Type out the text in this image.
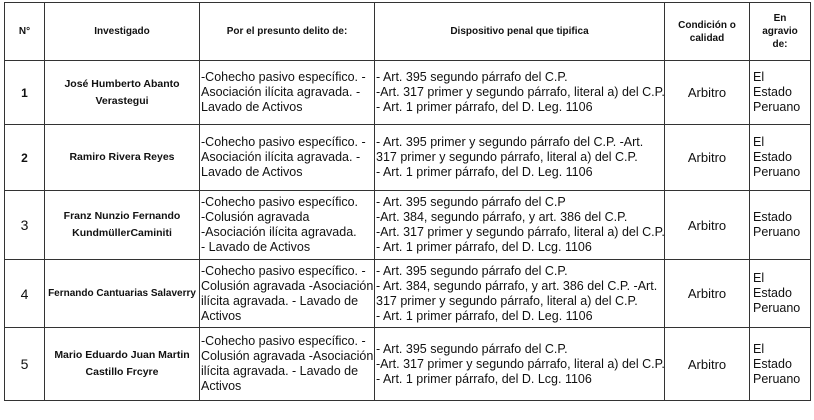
N°	Investigado	Por el presunto delito de:	Dispositivo penal que tipifica	Condición o calidad	En agravio de:
1	José Humberto Abanto Verastegui	-Cohecho pasivo específico. -
Asociación ilícita agravada. -
Lavado de Activos	- Art. 395 segundo párrafo del C.P.
-Art. 317 primer y segundo párrafo, literal a) del C.P.
- Art. 1 primer párrafo, del D. Leg. 1106	Arbitro	El Estado Peruano

2	Ramiro Rivera Reyes	-Cohecho pasivo específico. -
Asociación ilícita agravada. -
Lavado de Activos	- Art. 395 primer y segundo párrafo del C.P. -Art.
317 primer y segundo párrafo, literal a) del C.P.
- Art. 1 primer párrafo, del D. Leg. 1106	Arbitro	El Estado Peruano

3	Franz Nunzio Fernando KundmüllerCaminiti	-Cohecho pasivo específico.
-Colusión agravada
-Asociación ilícita agravada.
- Lavado de Activos	- Art. 395 segundo párrafo del C.P
-Art. 384, segundo párrafo, y art. 386 del C.P.
-Art. 317 primer y segundo párrafo, literal a) del C.P.
- Art. 1 primer párrafo, del D. Lcg. 1106	Arbitro	Estado Peruano

4	Fernando Cantuarias Salaverry	-Cohecho pasivo específico. -
Colusión agravada -Asociación
ilícita agravada. - Lavado de
Activos	- Art. 395 segundo párrafo del C.P.
- Art. 384, segundo párrafo, y art. 386 del C.P. -Art.
317 primer y segundo párrafo, literal a) del C.P.
- Art. 1 primer párrafo, del D. Leg. 1106	Arbitro	El Estado Peruano

5	Mario Eduardo Juan Martin Castillo Frcyre	-Cohecho pasivo específico. -
Colusión agravada -Asociación
ilícita agravada. - Lavado de
Activos	- Art. 395 segundo párrafo del C.P.
-Art. 317 primer y segundo párrafo, literal a) del C.P.
- Art. 1 primer párrafo, del D. Lcg. 1106	Arbitro	El Estado Peruano
